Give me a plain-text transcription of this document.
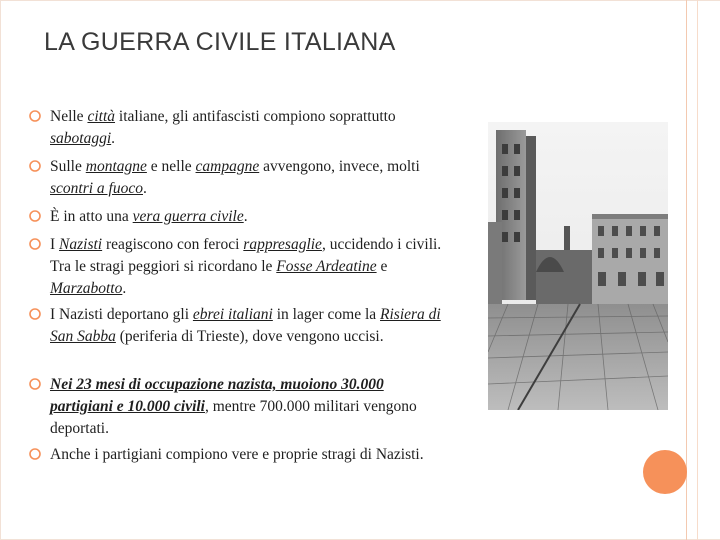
LA GUERRA CIVILE ITALIANA
Nelle città italiane, gli antifascisti compiono soprattutto sabotaggi.
Sulle montagne e nelle campagne avvengono, invece, molti scontri a fuoco.
È in atto una vera guerra civile.
I Nazisti reagiscono con feroci rappresaglie, uccidendo i civili. Tra le stragi peggiori si ricordano le Fosse Ardeatine e Marzabotto.
I Nazisti deportano gli ebrei italiani in lager come la Risiera di San Sabba (periferia di Trieste), dove vengono uccisi.
Nei 23 mesi di occupazione nazista, muoiono 30.000 partigiani e 10.000 civili, mentre 700.000 militari vengono deportati.
Anche i partigiani compiono vere e proprie stragi di Nazisti.
